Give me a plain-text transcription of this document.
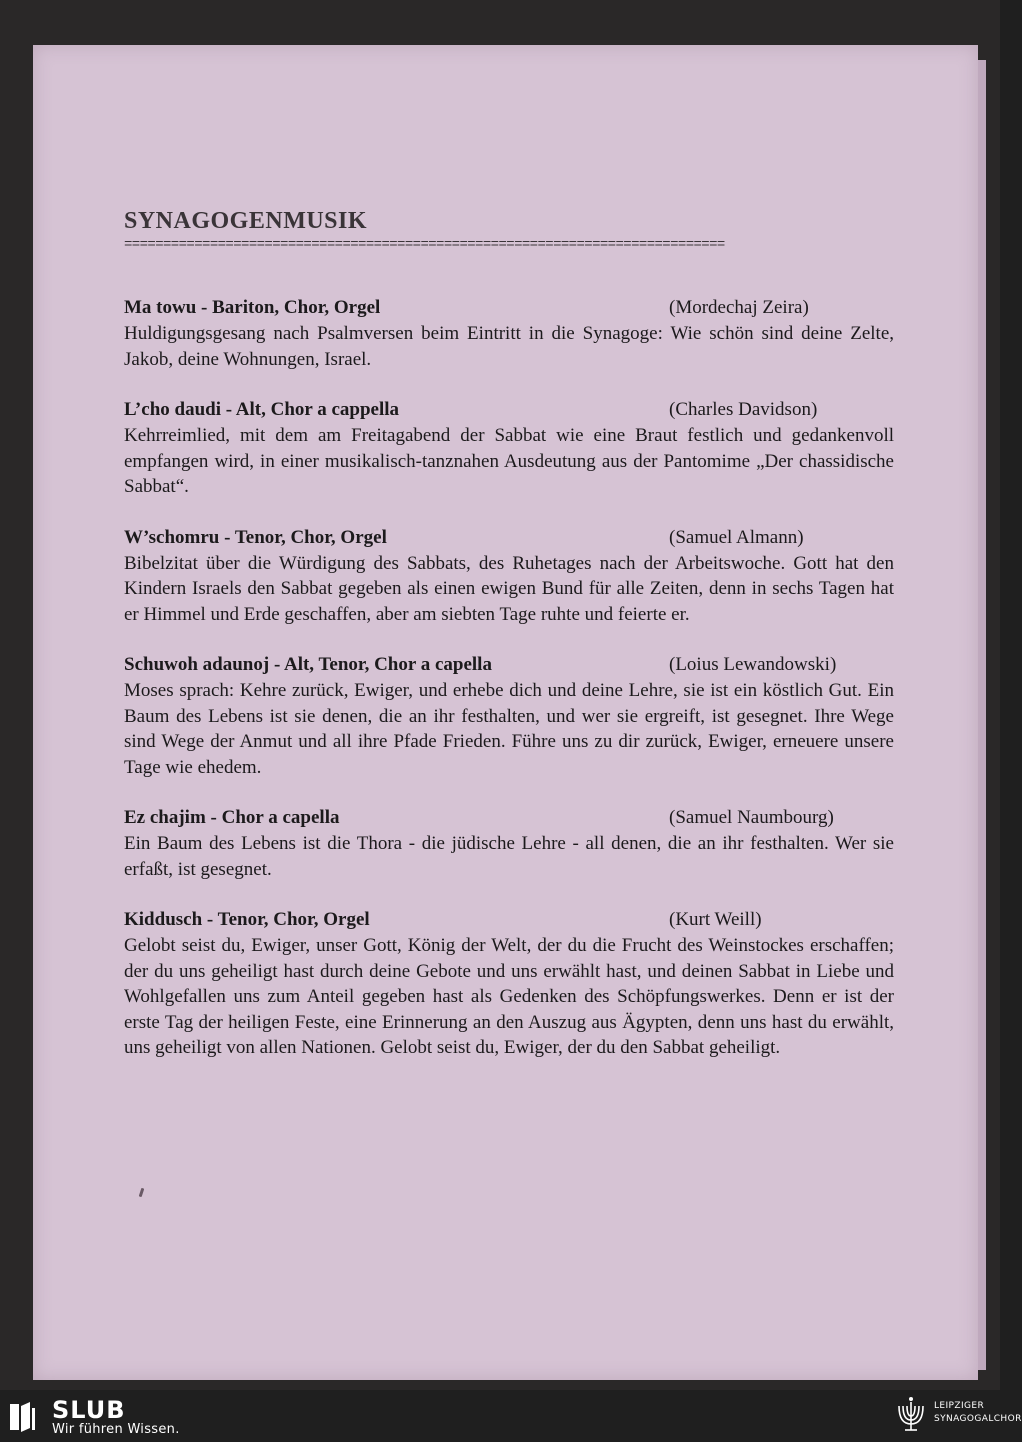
SYNAGOGENMUSIK
=============================================================================
Ma towu - Bariton, Chor, Orgel	(Mordechaj Zeira)

Huldigungsgesang nach Psalmversen beim Eintritt in die Synagoge: Wie schön sind deine Zelte, Jakob, deine Wohnungen, Israel.

L’cho daudi - Alt, Chor a cappella	(Charles Davidson)

Kehrreimlied, mit dem am Freitagabend der Sabbat wie eine Braut festlich und gedankenvoll empfangen wird, in einer musikalisch-tanznahen Ausdeutung aus der Pantomime „Der chassidische Sabbat“.

W’schomru - Tenor, Chor, Orgel	(Samuel Almann)

Bibelzitat über die Würdigung des Sabbats, des Ruhetages nach der Arbeitswoche. Gott hat den Kindern Israels den Sabbat gegeben als einen ewigen Bund für alle Zeiten, denn in sechs Tagen hat er Himmel und Erde geschaffen, aber am siebten Tage ruhte und feierte er.

Schuwoh adaunoj - Alt, Tenor, Chor a capella	(Loius Lewandowski)

Moses sprach: Kehre zurück, Ewiger, und erhebe dich und deine Lehre, sie ist ein köstlich Gut. Ein Baum des Lebens ist sie denen, die an ihr festhalten, und wer sie ergreift, ist gesegnet. Ihre Wege sind Wege der Anmut und all ihre Pfade Frieden. Führe uns zu dir zurück, Ewiger, erneuere unsere Tage wie ehedem.

Ez chajim - Chor a capella	(Samuel Naumbourg)

Ein Baum des Lebens ist die Thora - die jüdische Lehre - all denen, die an ihr festhalten. Wer sie erfaßt, ist gesegnet.

Kiddusch - Tenor, Chor, Orgel	(Kurt Weill)

Gelobt seist du, Ewiger, unser Gott, König der Welt, der du die Frucht des Weinstockes erschaffen; der du uns geheiligt hast durch deine Gebote und uns erwählt hast, und deinen Sabbat in Liebe und Wohlgefallen uns zum Anteil gegeben hast als Gedenken des Schöpfungswerkes. Denn er ist der erste Tag der heiligen Feste, eine Erinnerung an den Auszug aus Ägypten, denn uns hast du erwählt, uns geheiligt von allen Nationen. Gelobt seist du, Ewiger, der du den Sabbat geheiligt.

SLUB
Wir führen Wissen.
LEIPZIGER
SYNAGOGALCHOR
